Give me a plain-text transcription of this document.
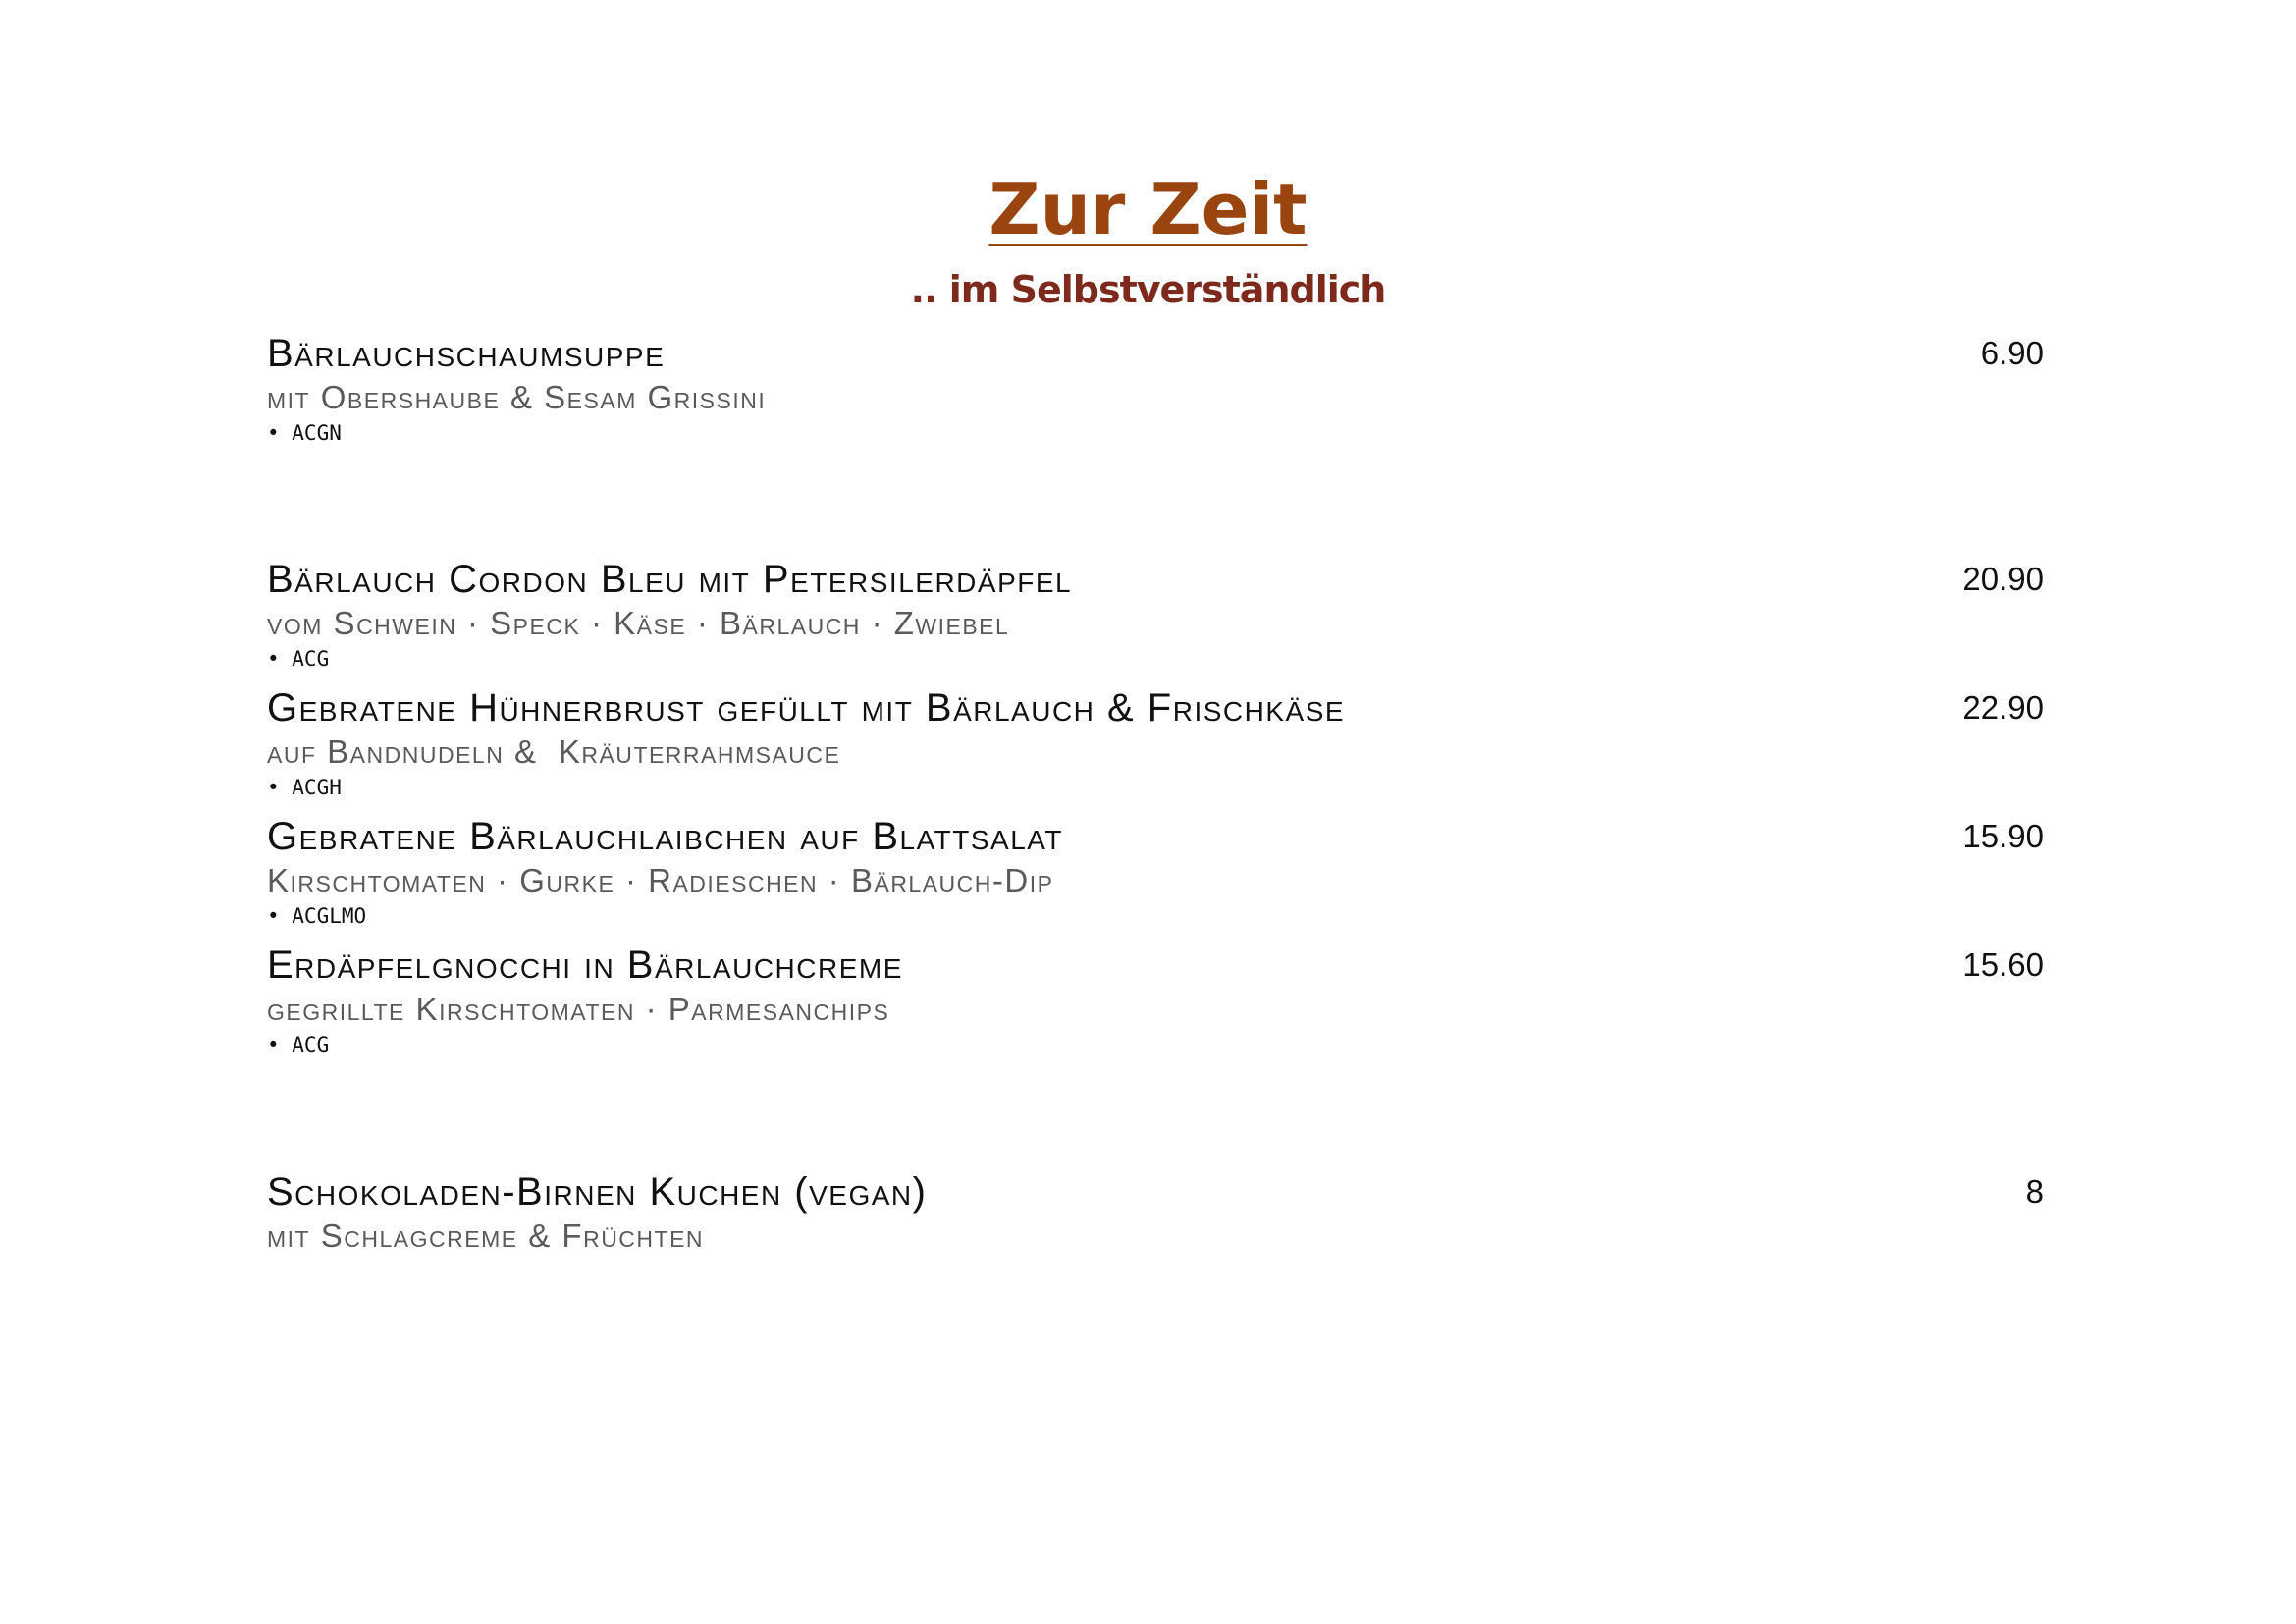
Zur Zeit
.. im Selbstverständlich
Bärlauchschaumsuppe	6.90
mit Obershaube & Sesam Grissini
• ACGN
Bärlauch Cordon Bleu mit Petersilerdäpfel	20.90
vom Schwein · Speck · Käse · Bärlauch · Zwiebel
• ACG
Gebratene Hühnerbrust gefüllt mit Bärlauch & Frischkäse	22.90
auf Bandnudeln &  Kräuterrahmsauce
• ACGH
Gebratene Bärlauchlaibchen auf Blattsalat	15.90
Kirschtomaten · Gurke · Radieschen · Bärlauch-Dip
• ACGLMO
Erdäpfelgnocchi in Bärlauchcreme	15.60
gegrillte Kirschtomaten · Parmesanchips
• ACG
Schokoladen-Birnen Kuchen (vegan)	8
mit Schlagcreme & Früchten
